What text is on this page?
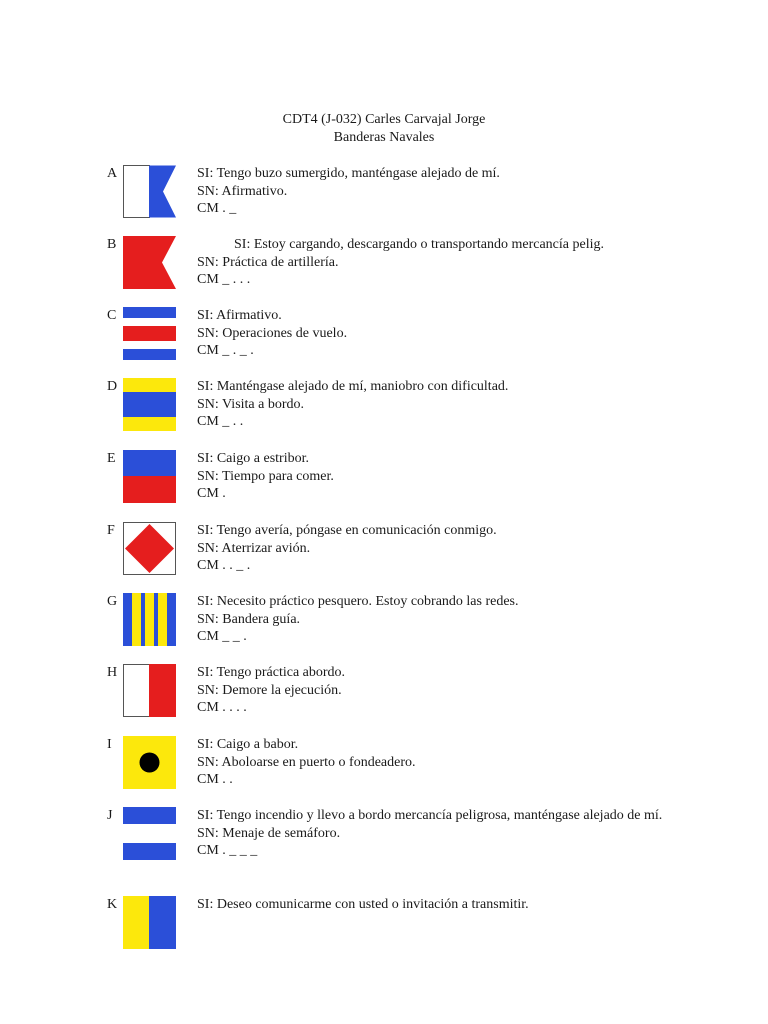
CDT4 (J-032) Carles Carvajal Jorge
Banderas Navales
A	SI: Tengo buzo sumergido, manténgase alejado de mí.
SN: Afirmativo.
CM . _
B	SI: Estoy cargando, descargando o transportando mercancía pelig.
SN: Práctica de artillería.
CM _ . . .
C	SI: Afirmativo.
SN: Operaciones de vuelo.
CM _ . _ .
D	SI: Manténgase alejado de mí, maniobro con dificultad.
SN: Visita a bordo.
CM _ . .
E	SI: Caigo a estribor.
SN: Tiempo para comer.
CM .
F	SI: Tengo avería, póngase en comunicación conmigo.
SN: Aterrizar avión.
CM . . _ .
G	SI: Necesito práctico pesquero. Estoy cobrando las redes.
SN: Bandera guía.
CM _ _ .
H	SI: Tengo práctica abordo.
SN: Demore la ejecución.
CM . . . .
I	SI: Caigo a babor.
SN: Aboloarse en puerto o fondeadero.
CM . .
J	SI: Tengo incendio y llevo a bordo mercancía peligrosa, manténgase alejado de mí.
SN: Menaje de semáforo.
CM . _ _ _
K	SI: Deseo comunicarme con usted o invitación a transmitir.
